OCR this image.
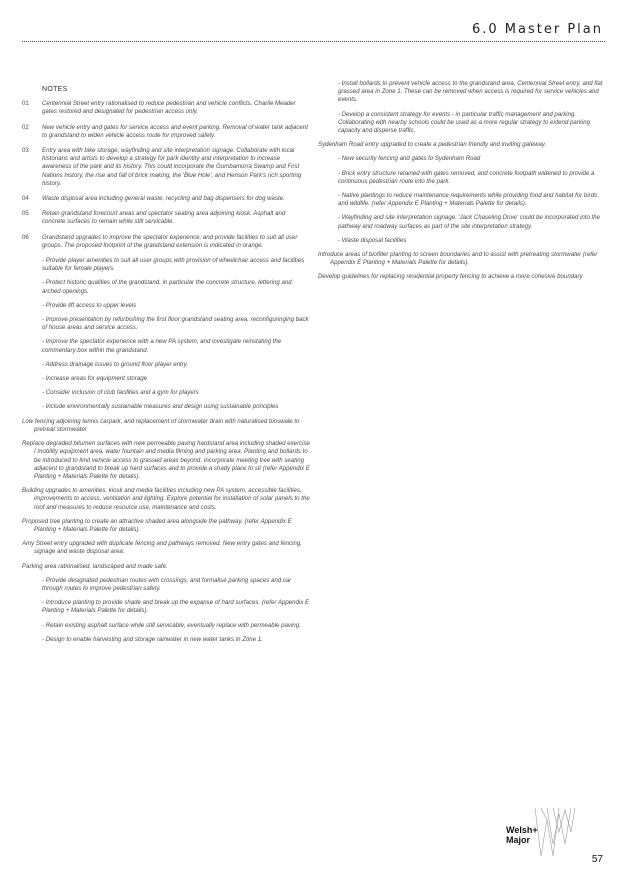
6.0 Master Plan
NOTES
01	Centennial Street entry rationalised to reduce pedestrian and vehicle conflicts. Charlie Meader gates restored and designated for pedestrian access only.
02	New vehicle entry and gates for service access and event parking. Removal of water tank adjacent to grandstand to widen vehicle access route for improved safety.
03	Entry area with bike storage, wayfinding and site interpretation signage. Collaborate with local historians and artists to develop a strategy for park identity and interpretation to increase awareness of the park and its history. This could incorporate the Gumbamorra Swamp and First Nations history, the rise and fall of brick making, the 'Blue Hole', and Henson Park's rich sporting history.
04	Waste disposal area including general waste, recycling and bag dispensers for dog waste.
05	Retain grandstand forecourt areas and spectator seating area adjoining kiosk. Asphalt and concrete surfaces to remain while still servicable.
06	Grandstand upgrades to improve the spectator experience, and provide facilities to suit all user groups. The proposed footprint of the grandstand extension is indicated in orange.
- Provide player amenities to suit all user groups with provision of wheelchair access and facilities suitable for female players.
- Protect historic qualities of the grandstand, in particular the concrete structure, lettering and arched openings.
- Provide lift access to upper levels
- Improve presentation by refurbishing the first floor grandstand seating area, reconfiguringing back of house areas and service access.
- Improve the spectator experience with a new PA system, and investigate reinstating the commentary box within the grandstand.
- Address drainage issues to ground floor player entry.
- Increase areas for equipment storage
- Consider inclusion of club facilities and a gym for players
- Include environmentally sustainable measures and design using sustainable principles
Low fencing adjoining tennis carpark, and replacement of stormwater drain with naturalised bioswale to pretreat stormwater
Replace degraded bitumen surfaces with new permeable paving hardstand area including shaded exercise / mobility equipment area, water fountain and media filming and parking area. Planting and bollards to be introduced to limit vehicle access to grassed areas beyond. Incorporate meeting tree with seating adjacent to grandstand to break up hard surfaces and to provide a shady place to sit (refer Appendix E Planting + Materials Palette for details).
Building upgrades to amenities, kiosk and media facilities including new PA system, accessible facilities, improvements to access, ventilation and lighting. Explore potential for installation of solar panels to the roof and measures to reduce resource use, maintenance and costs.
Proposed tree planting to create an attractive shaded area alongside the pathway. (refer Appendix E Planting + Materials Palette for details).
Amy Street entry upgraded with duplicate fencing and pathways removed. New entry gates and fencing, signage and waste disposal area.
Parking area rationalised, landscaped and made safe.
- Provide designated pedestrian routes with crossings, and formalise parking spaces and car through routes to improve pedestrian safety.
- Introduce planting to provide shade and break up the expanse of hard surfaces. (refer Appendix E Planting + Materials Palette for details).
- Retain existing asphalt surface while still servicable, eventually replace with permeable paving.
- Design to enable harvesting and storage rainwater in new water tanks in Zone 1.
- Install bollards to prevent vehicle access to the grandstand area, Centennial Street entry, and flat grassed area in Zone 1. These can be removed when access is required for service vehicles and events.
- Develop a consistent strategy for events - in particular traffic management and parking. Collaborating with nearby schools could be used as a more regular strategy to extend parking capacity and disperse traffic.
Sydenham Road entry upgraded to create a pedestrian friendly and inviting gateway.
- New security fencing and gates to Sydenham Road
- Brick entry structure retained with gates removed, and concrete footpath widened to provide a continuous pedestrian route into the park.
- Native plantings to reduce maintenance requirements while providing food and habitat for birds and wildlife. (refer Appendix E Planting + Materials Palette for details).
- Wayfinding and site interpretation signage. 'Jack Chaseling Drive' could be incorporated into the pathway and roadway surfaces as part of the site interpretation strategy.
- Waste disposal facilities
Introduce areas of biofilter planting to screen boundaries and to assist with pretreating stormwater (refer Appendix E Planting + Materials Palette for details).
Develop guidelines for replacing residential property fencing to achieve a more cohesive boundary
Welsh+
Major
57
